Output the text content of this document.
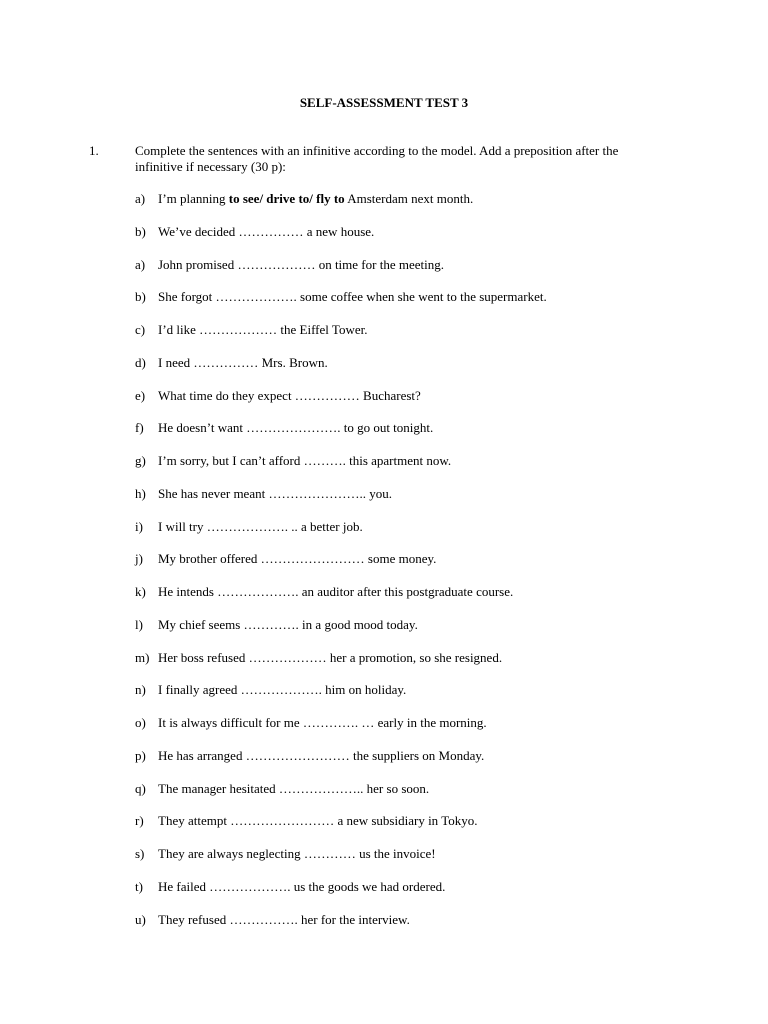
SELF-ASSESSMENT TEST 3
1.	Complete the sentences with an infinitive according to the model. Add a preposition after the infinitive if necessary (30 p):
a) I’m planning to see/ drive to/ fly to Amsterdam next month.
b) We’ve decided …………… a new house.
a) John promised ……………… on time for the meeting.
b) She forgot ………………. some coffee when she went to the supermarket.
c) I’d like ……………… the Eiffel Tower.
d) I need …………… Mrs. Brown.
e) What time do they expect …………… Bucharest?
f)	He doesn’t want …………………. to go out tonight.
g) I’m sorry, but I can’t afford ………. this apartment now.
h) She has never meant ………………….. you.
i)	I will try ………………. .. a better job.
j)	My brother offered …………………… some money.
k) He intends ………………. an auditor after this postgraduate course.
l)	My chief seems …………. in a good mood today.
m) Her boss refused ……………… her a promotion, so she resigned.
n) I finally agreed ………………. him on holiday.
o) It is always difficult for me …………. … early in the morning.
p) He has arranged …………………… the suppliers on Monday.
q) The manager hesitated ……………….. her so soon.
r)	They attempt …………………… a new subsidiary in Tokyo.
s)	They are always neglecting ………… us the invoice!
t)	He failed ………………. us the goods we had ordered.
u) They refused ……………. her for the interview.
